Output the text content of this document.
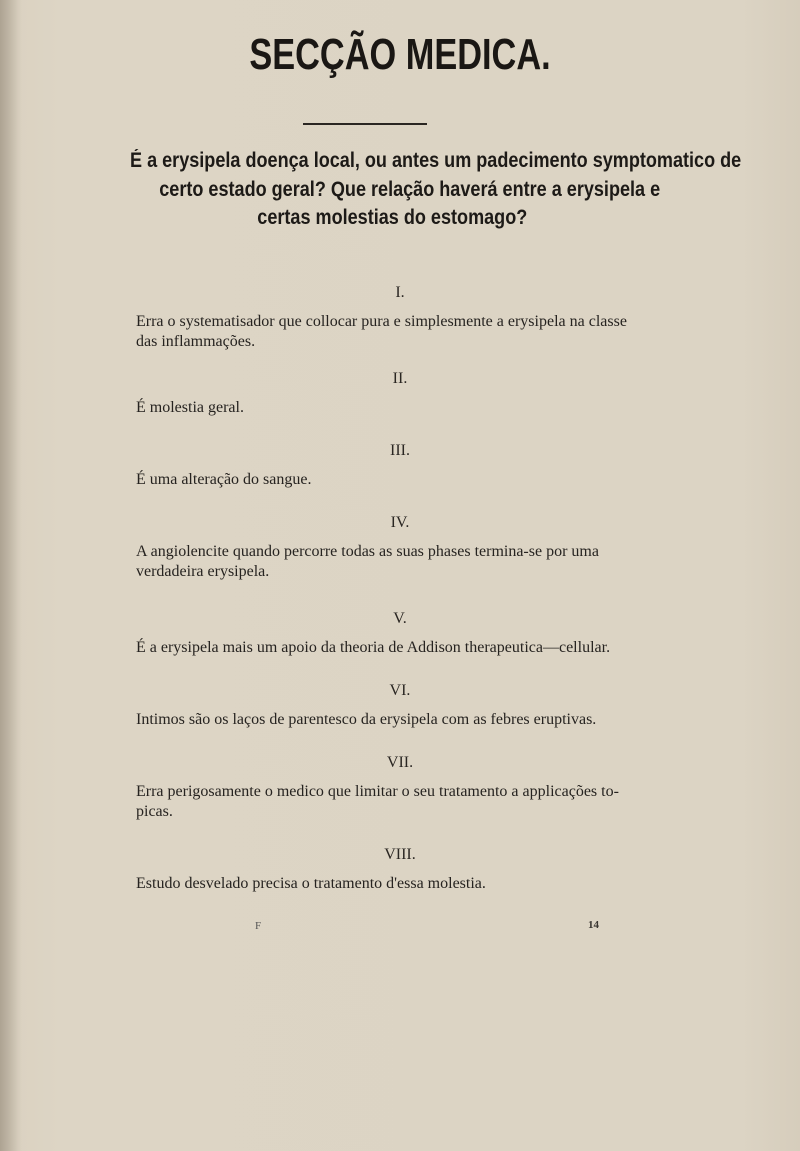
SECÇÃO MEDICA.
É a erysipela doença local, ou antes um padecimento symptomatico de
certo estado geral? Que relação haverá entre a erysipela e
certas molestias do estomago?
I.
Erra o systematisador que collocar pura e simplesmente a erysipela na classe
das inflammações.
II.
É molestia geral.
III.
É uma alteração do sangue.
IV.
A angiolencite quando percorre todas as suas phases termina-se por uma
verdadeira erysipela.
V.
É a erysipela mais um apoio da theoria de Addison therapeutica—cellular.
VI.
Intimos são os laços de parentesco da erysipela com as febres eruptivas.
VII.
Erra perigosamente o medico que limitar o seu tratamento a applicações to-
picas.
VIII.
Estudo desvelado precisa o tratamento d'essa molestia.
F	14
